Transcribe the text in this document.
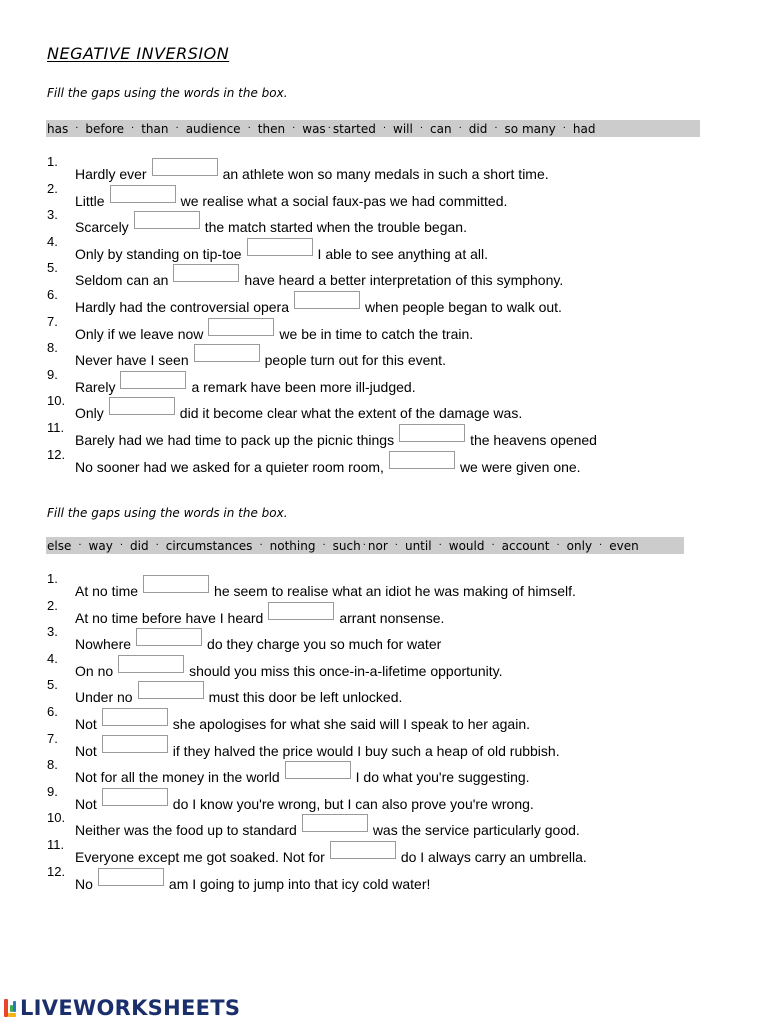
NEGATIVE INVERSION

Fill the gaps using the words in the box.

has · before · than · audience · then · was · started · will · can · did · so many · had
1.
Hardly ever	an athlete won so many medals in such a short time.
2.
Little	we realise what a social faux-pas we had committed.
3.
Scarcely	the match started when the trouble began.
4.
Only by standing on tip-toe	I able to see anything at all.
5.
Seldom can an	have heard a better interpretation of this symphony.
6.
Hardly had the controversial opera	when people began to walk out.
7.
Only if we leave now	we be in time to catch the train.
8.
Never have I seen	people turn out for this event.
9.
Rarely	a remark have been more ill-judged.
10.
Only	did it become clear what the extent of the damage was.
11.
Barely had we had time to pack up the picnic things	the heavens opened
12.
No sooner had we asked for a quieter room room,	we were given one.

Fill the gaps using the words in the box.

else · way · did · circumstances · nothing · such · nor · until · would · account · only · even
1.
At no time	he seem to realise what an idiot he was making of himself.
2.
At no time before have I heard	arrant nonsense.
3.
Nowhere	do they charge you so much for water
4.
On no	should you miss this once-in-a-lifetime opportunity.
5.
Under no	must this door be left unlocked.
6.
Not	she apologises for what she said will I speak to her again.
7.
Not	if they halved the price would I buy such a heap of old rubbish.
8.
Not for all the money in the world	I do what you're suggesting.
9.
Not	do I know you're wrong, but I can also prove you're wrong.
10.
Neither was the food up to standard	was the service particularly good.
11.
Everyone except me got soaked. Not for	do I always carry an umbrella.
12.
No	am I going to jump into that icy cold water!
LIVEWORKSHEETS
